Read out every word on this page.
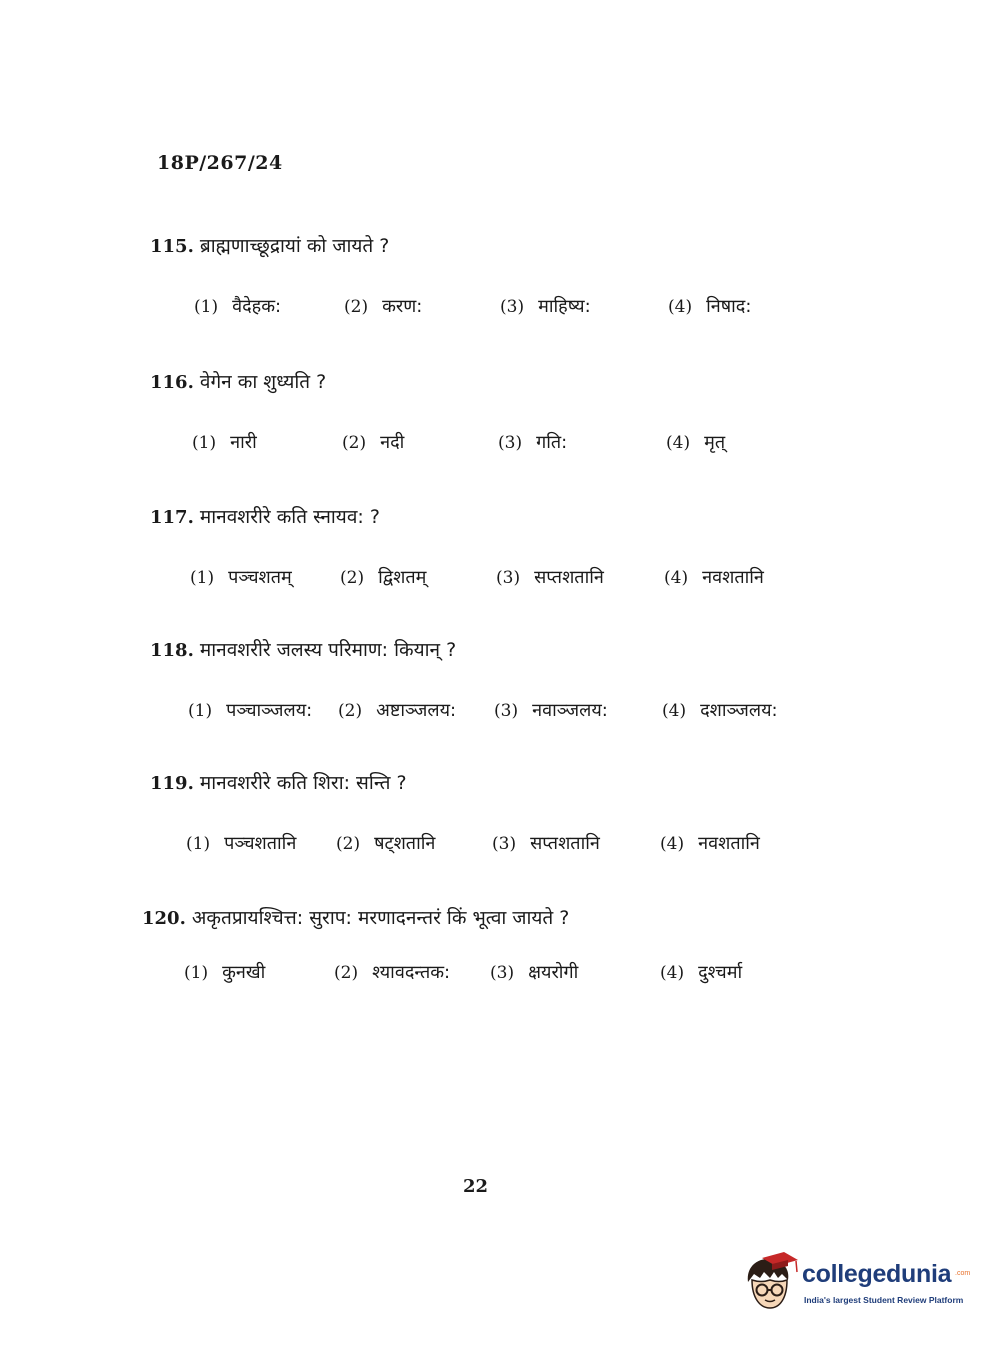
18P/267/24
115. ब्राह्मणाच्छूद्रायां को जायते ?
(1) वैदेहक:	(2) करण:	(3) माहिष्य:	(4) निषाद:
116. वेगेन का शुध्यति ?
(1) नारी	(2) नदी	(3) गति:	(4) मृत्
117. मानवशरीरे कति स्नायव: ?
(1) पञ्चशतम्	(2) द्विशतम्	(3) सप्तशतानि	(4) नवशतानि
118. मानवशरीरे जलस्य परिमाण: कियान् ?
(1) पञ्चाञ्जलय: (2) अष्टाञ्जलय: (3) नवाञ्जलय:	(4) दशाञ्जलय:
119. मानवशरीरे कति शिरा: सन्ति ?
(1) पञ्चशतानि (2) षट्शतानि	(3) सप्तशतानि	(4) नवशतानि
120. अकृतप्रायश्चित्त: सुराप: मरणादनन्तरं किं भूत्वा जायते ?
(1) कुनखी	(2) श्यावदन्तक: (3) क्षयरोगी	(4) दुश्चर्मा
22
collegedunia .com
India's largest Student Review Platform
